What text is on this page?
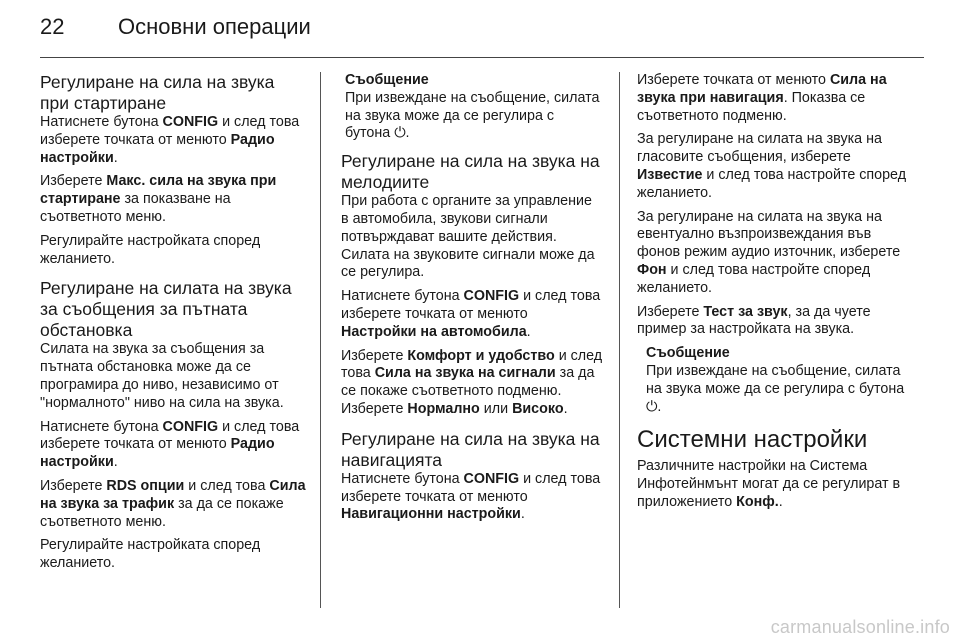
22	Основни операции
Регулиране на сила на звука при стартиране

Натиснете бутона CONFIG и след това изберете точката от менюто Радио настройки.

Изберете Макс. сила на звука при стартиране за показване на съответното меню.

Регулирайте настройката според желанието.

Регулиране на силата на звука за съобщения за пътната обстановка

Силата на звука за съобщения за пътната обстановка може да се програмира до ниво, независимо от "нормалното" ниво на сила на звука.

Натиснете бутона CONFIG и след това изберете точката от менюто Радио настройки.

Изберете RDS опции и след това Сила на звука за трафик за да се покаже съответното меню.

Регулирайте настройката според желанието.

Съобщение

При извеждане на съобщение, силата на звука може да се регулира с бутона ⏻.

Регулиране на сила на звука на мелодиите

При работа с органите за управление в автомобила, звукови сигнали потвърждават вашите действия. Силата на звуковите сигнали може да се регулира.

Натиснете бутона CONFIG и след това изберете точката от менюто Настройки на автомобила.

Изберете Комфорт и удобство и след това Сила на звука на сигнали за да се покаже съответното подменю. Изберете Нормално или Високо.

Регулиране на сила на звука на навигацията

Натиснете бутона CONFIG и след това изберете точката от менюто Навигационни настройки.

Изберете точката от менюто Сила на звука при навигация. Показва се съответното подменю.

За регулиране на силата на звука на гласовите съобщения, изберете Известие и след това настройте според желанието.

За регулиране на силата на звука на евентуално възпроизвеждания във фонов режим аудио източник, изберете Фон и след това настройте според желанието.

Изберете Тест за звук, за да чуете пример за настройката на звука.

Съобщение

При извеждане на съобщение, силата на звука може да се регулира с бутона ⏻.

Системни настройки

Различните настройки на Система Инфотейнмънт могат да се регулират в приложението Конф..

carmanualsonline.info
